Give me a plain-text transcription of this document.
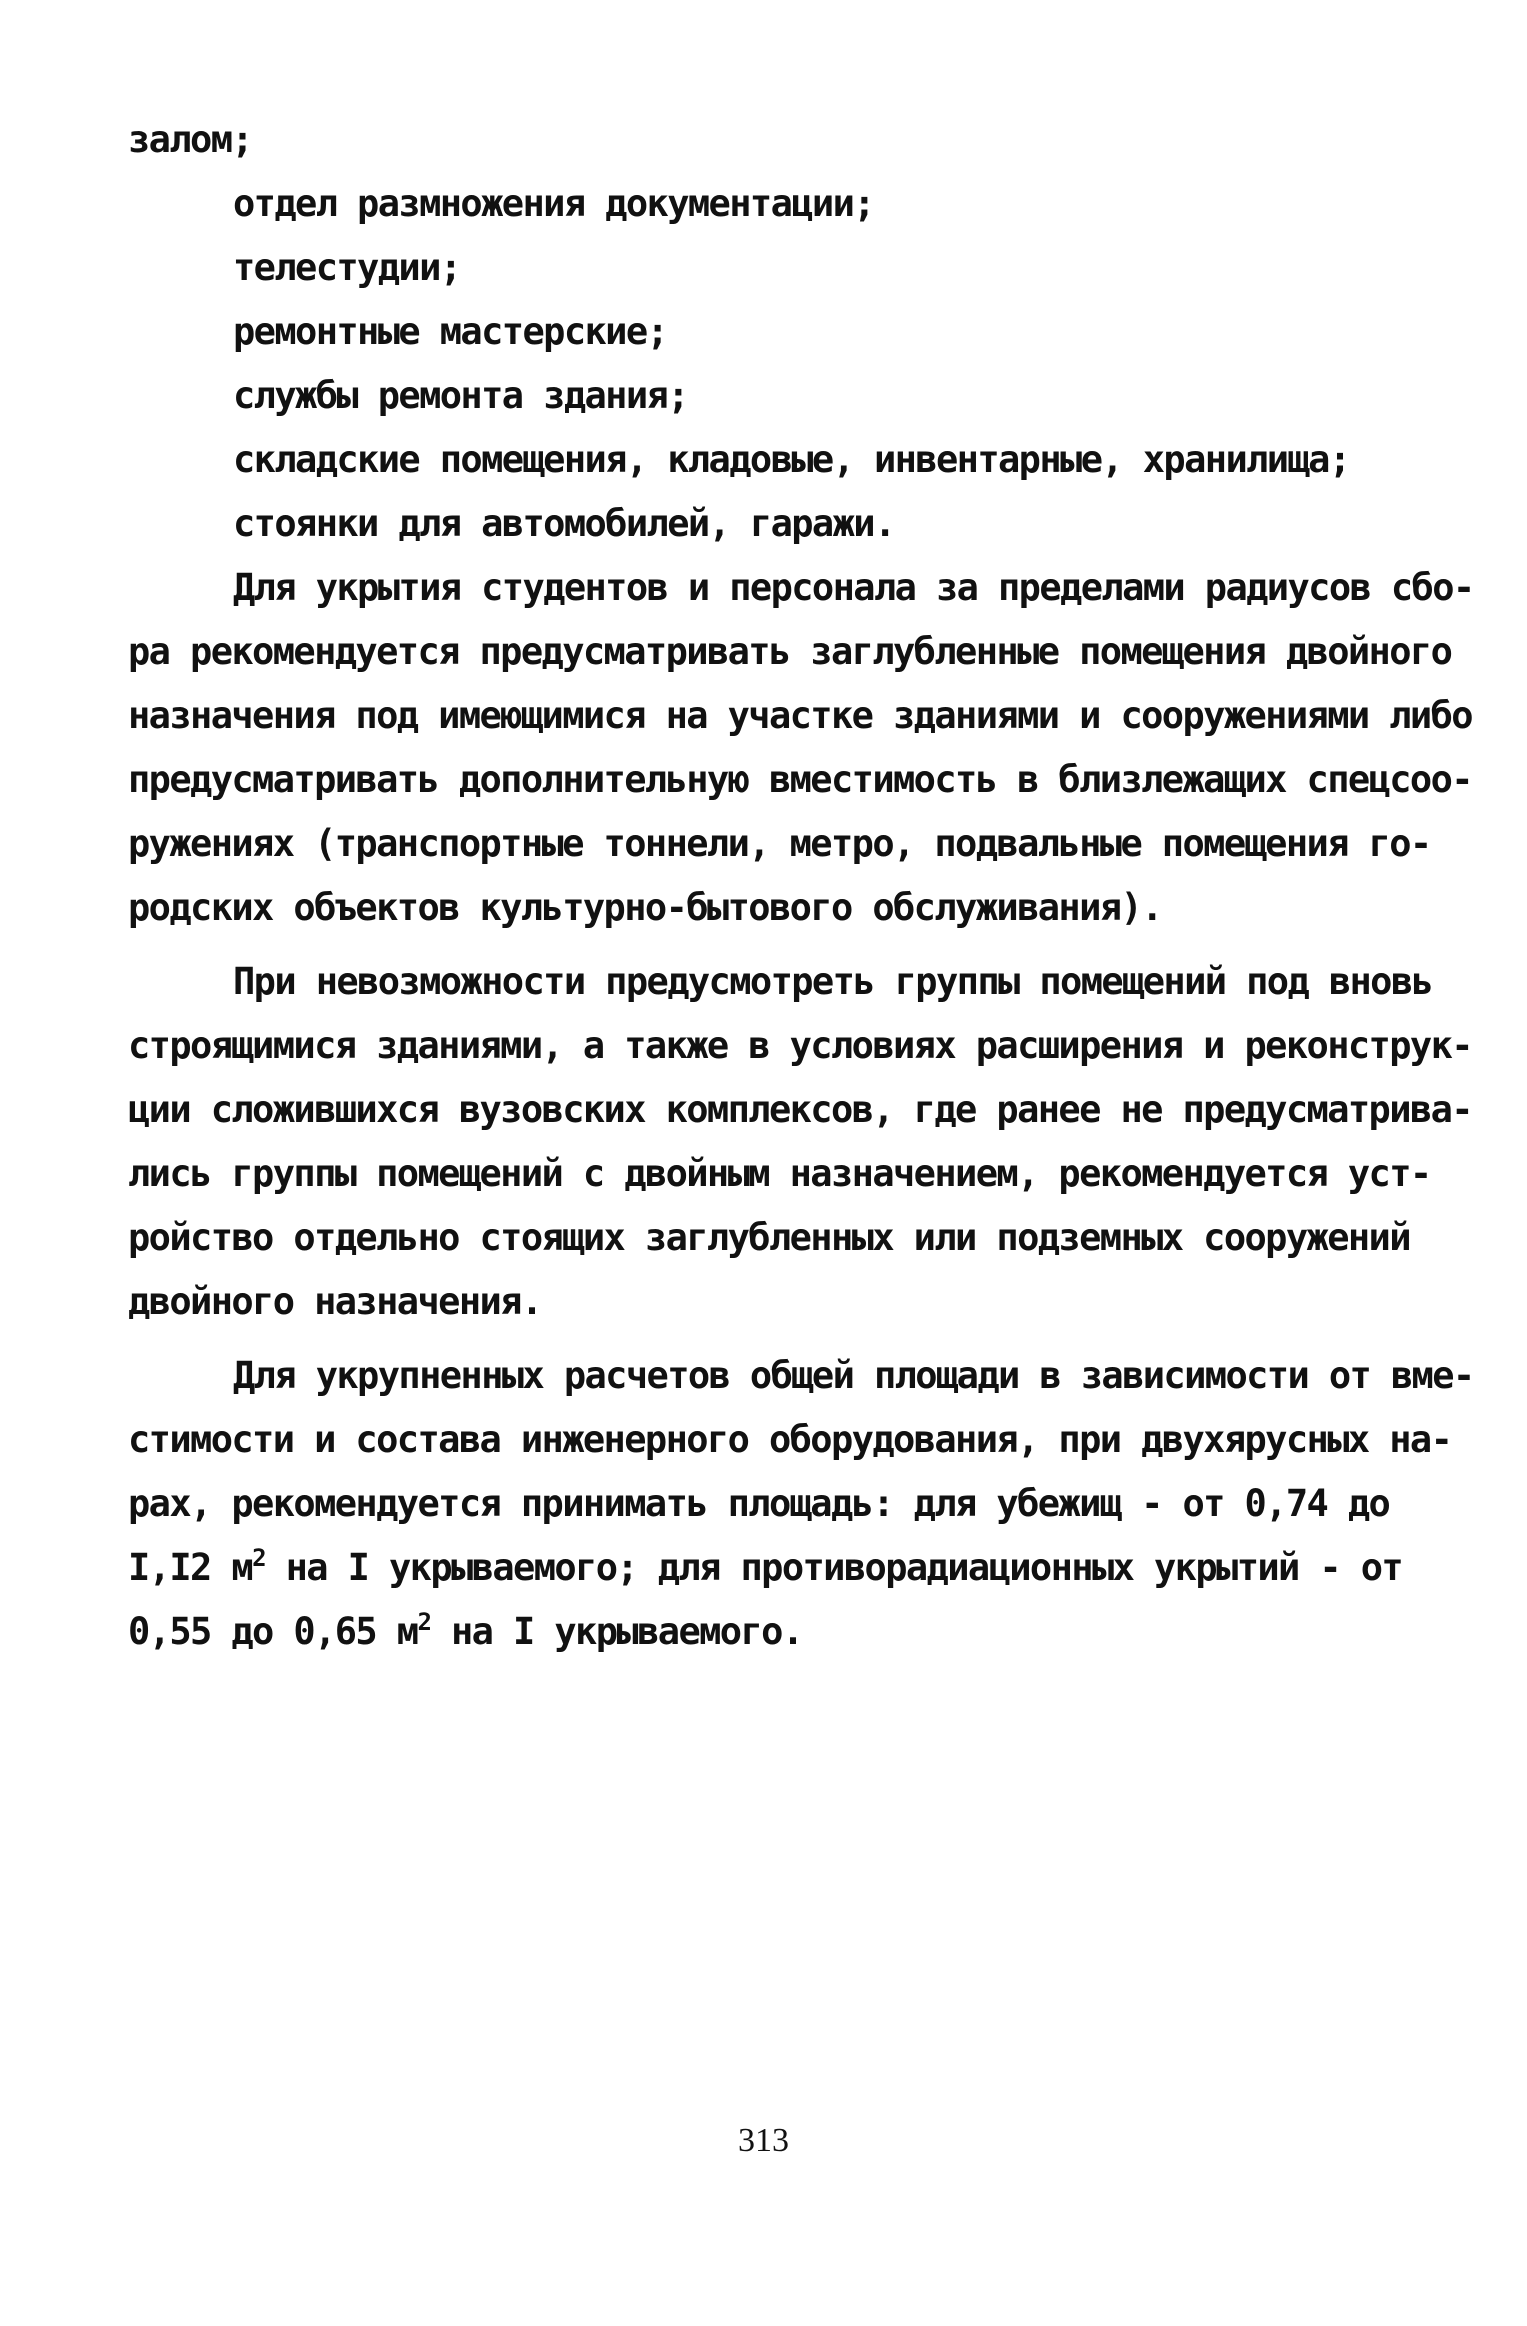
залом;
отдел размножения документации;
телестудии;
ремонтные мастерские;
службы ремонта здания;
складские помещения, кладовые, инвентарные, хранилища;
стоянки для автомобилей, гаражи.
Для укрытия студентов и персонала за пределами радиусов сбо-
ра рекомендуется предусматривать заглубленные помещения двойного
назначения под имеющимися на участке зданиями и сооружениями либо
предусматривать дополнительную вместимость в близлежащих спецсоо-
ружениях (транспортные тоннели, метро, подвальные помещения го-
родских объектов культурно-бытового обслуживания).
При невозможности предусмотреть группы помещений под вновь
строящимися зданиями, а также в условиях расширения и реконструк-
ции сложившихся вузовских комплексов, где ранее не предусматрива-
лись группы помещений с двойным назначением, рекомендуется уст-
ройство отдельно стоящих заглубленных или подземных сооружений
двойного назначения.
Для укрупненных расчетов общей площади в зависимости от вме-
стимости и состава инженерного оборудования, при двухярусных на-
рах, рекомендуется принимать площадь: для убежищ - от 0,74 до
I,I2 $м^2$ на I укрываемого; для противорадиационных укрытий - от
0,55 до 0,65 $м^2$ на I укрываемого.
313
